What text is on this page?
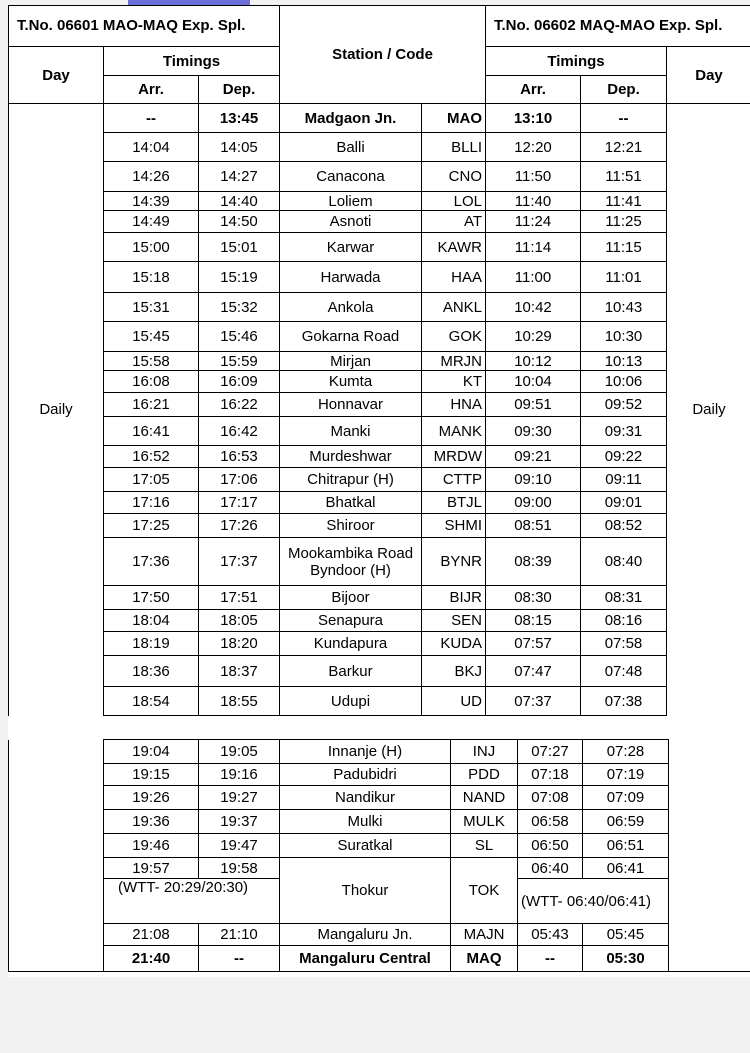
T.No. 06601 MAO-MAQ Exp. Spl.			Station / Code		T.No. 06602 MAQ-MAO Exp. Spl.		
Day	Timings				Timings		Day
	Arr.	Dep.			Arr.	Dep.	
Daily	--	13:45	Madgaon Jn.	MAO	13:10	--	Daily
	14:04	14:05	Balli	BLLI	12:20	12:21	
	14:26	14:27	Canacona	CNO	11:50	11:51	
	14:39	14:40	Loliem	LOL	11:40	11:41	
	14:49	14:50	Asnoti	AT	11:24	11:25	
	15:00	15:01	Karwar	KAWR	11:14	11:15	
	15:18	15:19	Harwada	HAA	11:00	11:01	
	15:31	15:32	Ankola	ANKL	10:42	10:43	
	15:45	15:46	Gokarna Road	GOK	10:29	10:30	
	15:58	15:59	Mirjan	MRJN	10:12	10:13	
	16:08	16:09	Kumta	KT	10:04	10:06	
	16:21	16:22	Honnavar	HNA	09:51	09:52	
	16:41	16:42	Manki	MANK	09:30	09:31	
	16:52	16:53	Murdeshwar	MRDW	09:21	09:22	
	17:05	17:06	Chitrapur (H)	CTTP	09:10	09:11	
	17:16	17:17	Bhatkal	BTJL	09:00	09:01	
	17:25	17:26	Shiroor	SHMI	08:51	08:52	
	17:36	17:37	Mookambika Road Byndoor (H)	BYNR	08:39	08:40	
	17:50	17:51	Bijoor	BIJR	08:30	08:31	
	18:04	18:05	Senapura	SEN	08:15	08:16	
	18:19	18:20	Kundapura	KUDA	07:57	07:58	
	18:36	18:37	Barkur	BKJ	07:47	07:48	
	18:54	18:55	Udupi	UD	07:37	07:38	
	19:04	19:05	Innanje (H)	INJ	07:27	07:28	
	19:15	19:16	Padubidri	PDD	07:18	07:19	
	19:26	19:27	Nandikur	NAND	07:08	07:09	
	19:36	19:37	Mulki	MULK	06:58	06:59	
	19:46	19:47	Suratkal	SL	06:50	06:51	
	19:57	19:58	Thokur	TOK	06:40	06:41	
	(WTT- 20:29/20:30)				(WTT- 06:40/06:41)		
	21:08	21:10	Mangaluru Jn.	MAJN	05:43	05:45	
	21:40	--	Mangaluru Central	MAQ	--	05:30	
